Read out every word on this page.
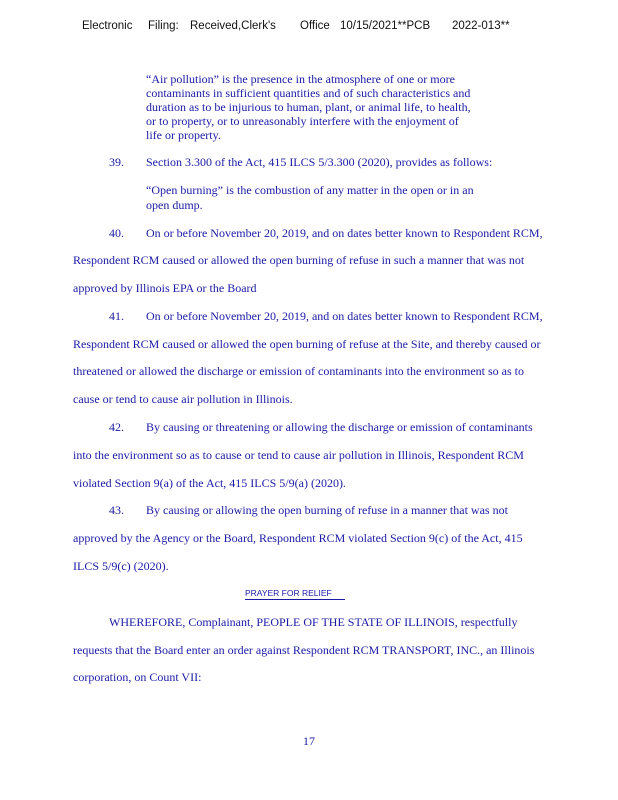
Electronic Filing: Received,Clerk's Office 10/15/2021**PCB 2022-013**
“Air pollution” is the presence in the atmosphere of one or more
contaminants in sufficient quantities and of such characteristics and
duration as to be injurious to human, plant, or animal life, to health,
or to property, or to unreasonably interfere with the enjoyment of
life or property.
39. Section 3.300 of the Act, 415 ILCS 5/3.300 (2020), provides as follows:
“Open burning” is the combustion of any matter in the open or in an
open dump.
40. On or before November 20, 2019, and on dates better known to Respondent RCM,
Respondent RCM caused or allowed the open burning of refuse in such a manner that was not
approved by Illinois EPA or the Board
41. On or before November 20, 2019, and on dates better known to Respondent RCM,
Respondent RCM caused or allowed the open burning of refuse at the Site, and thereby caused or
threatened or allowed the discharge or emission of contaminants into the environment so as to
cause or tend to cause air pollution in Illinois.
42. By causing or threatening or allowing the discharge or emission of contaminants
into the environment so as to cause or tend to cause air pollution in Illinois, Respondent RCM
violated Section 9(a) of the Act, 415 ILCS 5/9(a) (2020).
43. By causing or allowing the open burning of refuse in a manner that was not
approved by the Agency or the Board, Respondent RCM violated Section 9(c) of the Act, 415
ILCS 5/9(c) (2020).
PRAYER FOR RELIEF
WHEREFORE, Complainant, PEOPLE OF THE STATE OF ILLINOIS, respectfully
requests that the Board enter an order against Respondent RCM TRANSPORT, INC., an Illinois
corporation, on Count VII:
17
